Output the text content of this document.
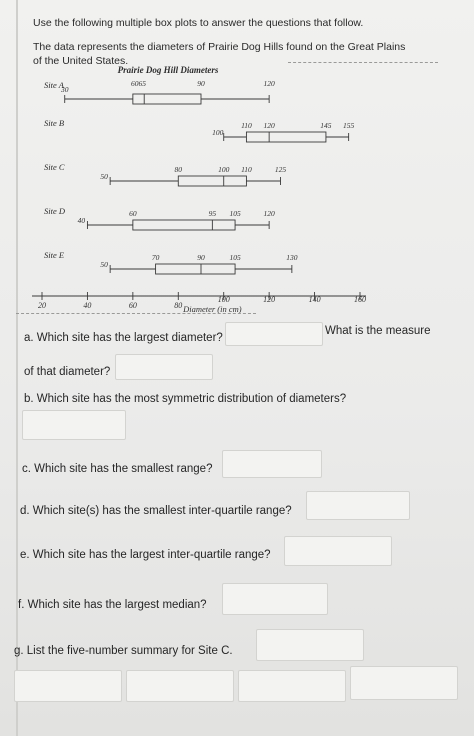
Use the following multiple box plots to answer the questions that follow.
The data represents the diameters of Prairie Dog Hills found on the Great Plains
of the United States.
Prairie Dog Hill Diameters
Site A
30
6065	90	120
Site B
100
110 120	145 155
Site C
50
80	100 110	125
Site D
40
60	95 105	120
Site E
50
70	90	105	130
20	40	60	80
100	120	140	160
Diameter (in cm)
a. Which site has the largest diameter?
What is the measure
of that diameter?
b. Which site has the most symmetric distribution of diameters?
c. Which site has the smallest range?
d. Which site(s) has the smallest inter-quartile range?
e. Which site has the largest inter-quartile range?
f. Which site has the largest median?
g. List the five-number summary for Site C.
